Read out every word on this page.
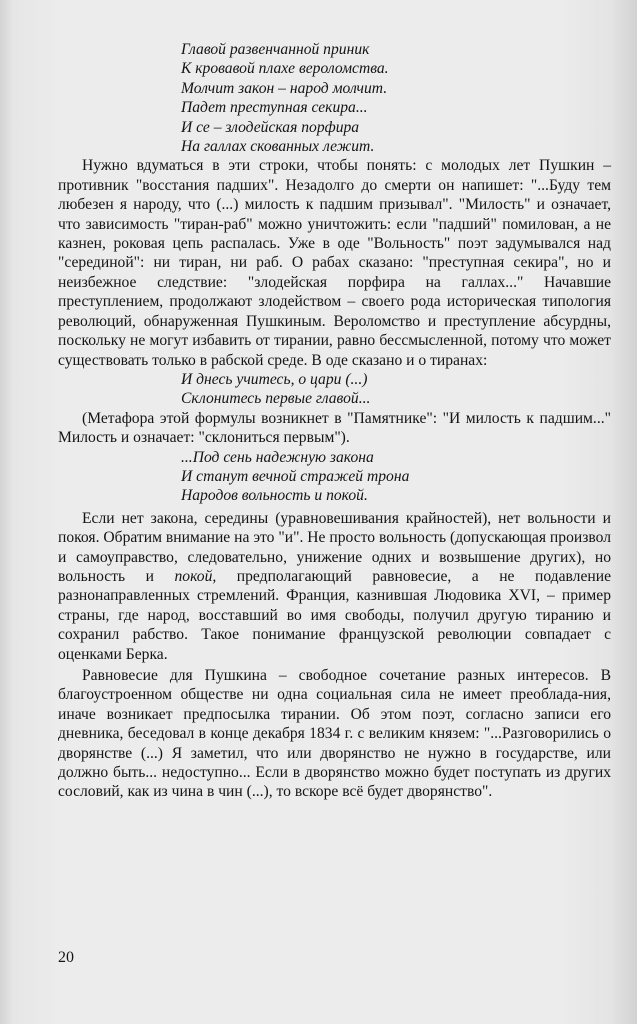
Главой развенчанной приник
К кровавой плахе вероломства.
Молчит закон – народ молчит.
Падет преступная секира...
И се – злодейская порфира
На галлах скованных лежит.

Нужно вдуматься в эти строки, чтобы понять: с молодых лет Пушкин – противник "восстания падших". Незадолго до смерти он напишет: "...Буду тем любезен я народу, что (...) милость к падшим призывал". "Милость" и означает, что зависимость "тиран-раб" можно уничтожить: если "падший" помилован, а не казнен, роковая цепь распалась. Уже в оде "Вольность" поэт задумывался над "серединой": ни тиран, ни раб. О рабах сказано: "преступная секира", но и неизбежное следствие: "злодейская порфира на галлах..." Начавшие преступлением, продолжают злодейством – своего рода историческая типология революций, обнаруженная Пушкиным. Вероломство и преступление абсурдны, поскольку не могут избавить от тирании, равно бессмысленной, потому что может существовать только в рабской среде. В оде сказано и о тиранах:

И днесь учитесь, о цари (...)
Склонитесь первые главой...

(Метафора этой формулы возникнет в "Памятнике": "И милость к падшим..." Милость и означает: "склониться первым").

...Под сень надежную закона
И станут вечной стражей трона
Народов вольность и покой.

Если нет закона, середины (уравновешивания крайностей), нет вольности и покоя. Обратим внимание на это "и". Не просто вольность (допускающая произвол и самоуправство, следовательно, унижение одних и возвышение других), но вольность и покой, предполагающий равновесие, а не подавление разнонаправленных стремлений. Франция, казнившая Людовика XVI, – пример страны, где народ, восставший во имя свободы, получил другую тиранию и сохранил рабство. Такое понимание французской революции совпадает с оценками Берка.

Равновесие для Пушкина – свободное сочетание разных интересов. В благоустроенном обществе ни одна социальная сила не имеет преоблада-ния, иначе возникает предпосылка тирании. Об этом поэт, согласно записи его дневника, беседовал в конце декабря 1834 г. с великим князем: "...Разговорились о дворянстве (...) Я заметил, что или дворянство не нужно в государстве, или должно быть... недоступно... Если в дворянство можно будет поступать из других сословий, как из чина в чин (...), то вскоре всё будет дворянство".

20
